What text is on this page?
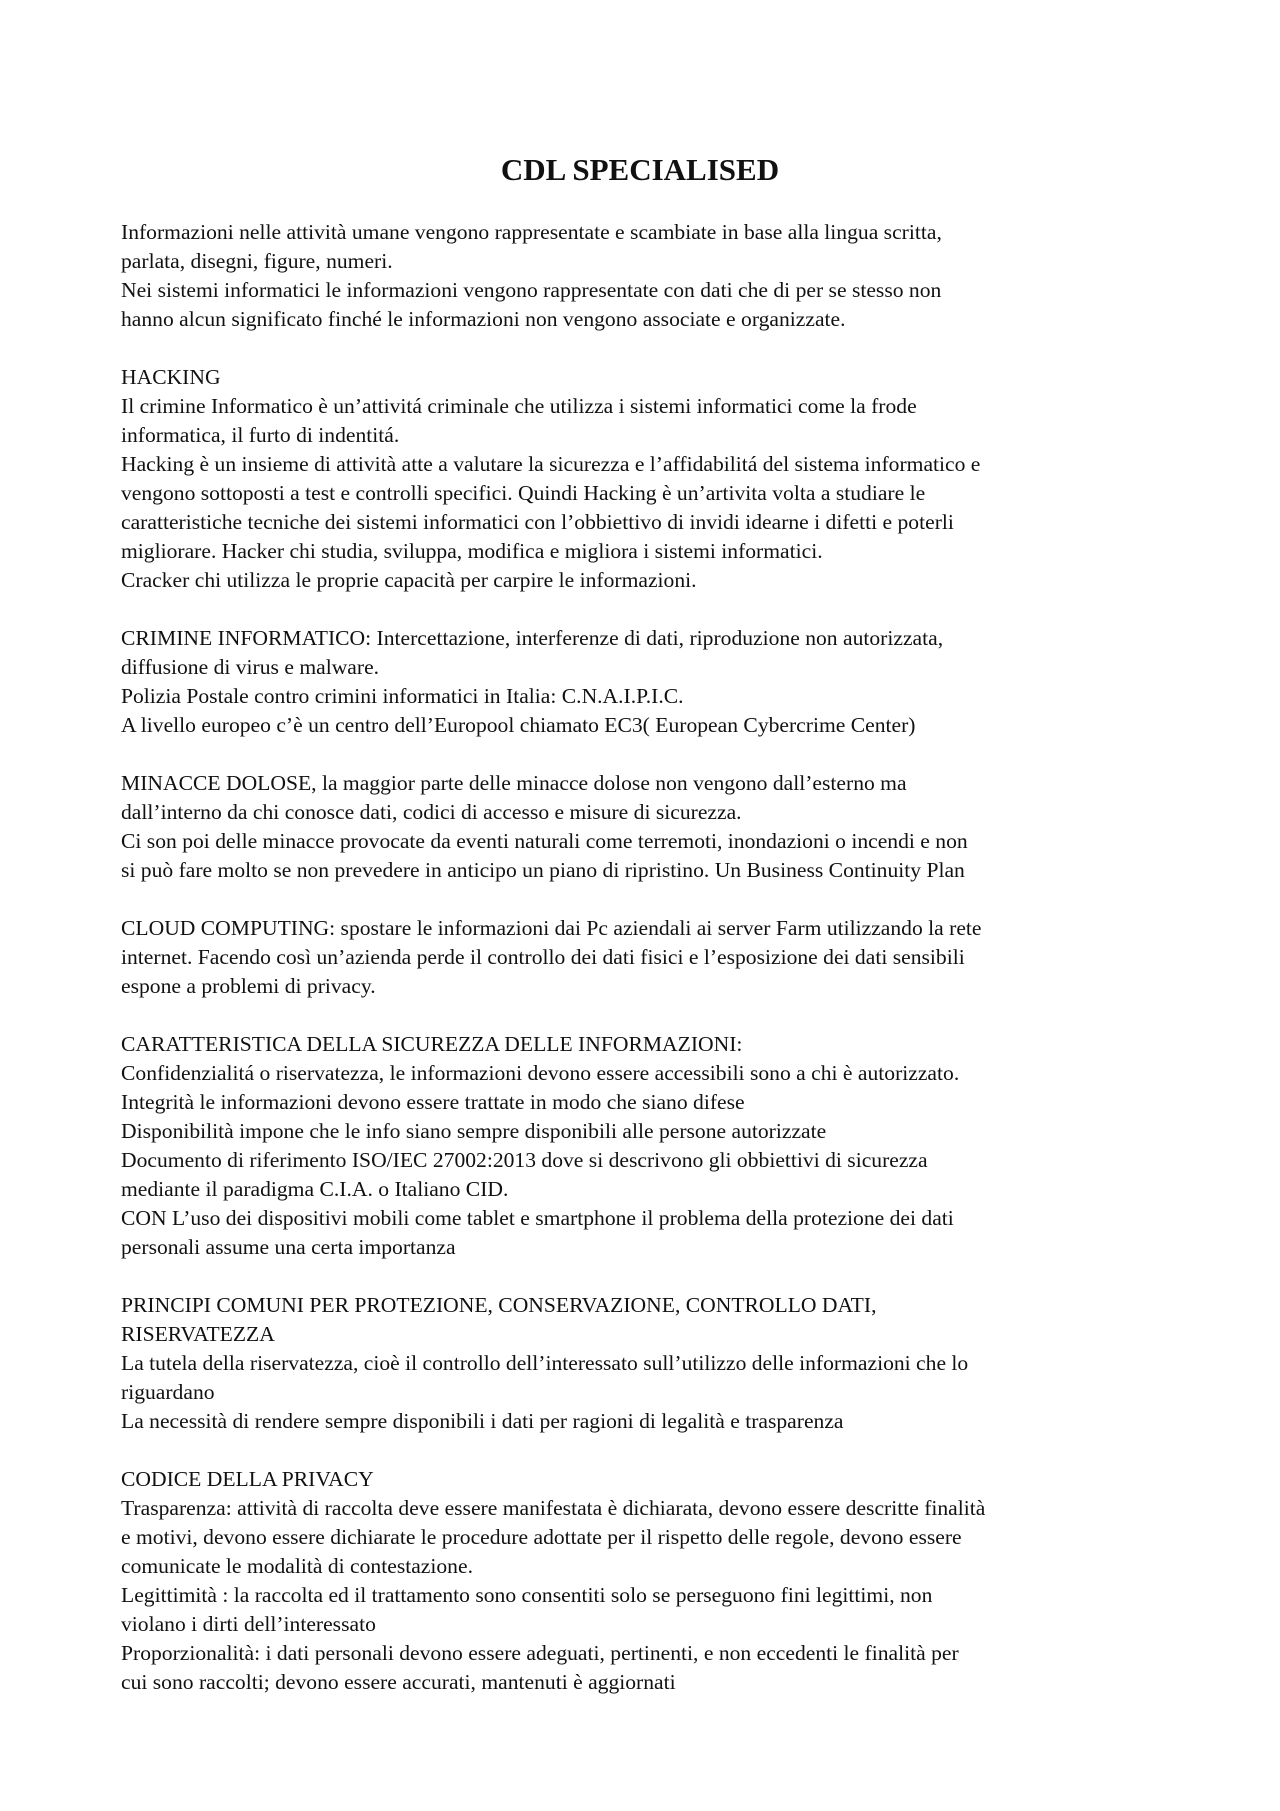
CDL SPECIALISED
Informazioni nelle attività umane vengono rappresentate e scambiate in base alla lingua scritta,
parlata, disegni, figure, numeri.
Nei sistemi informatici le informazioni vengono rappresentate con dati che di per se stesso non
hanno alcun significato finché le informazioni non vengono associate e organizzate.
HACKING
Il crimine Informatico è un’attivitá criminale che utilizza i sistemi informatici come la frode
informatica, il furto di indentitá.
Hacking è un insieme di attività atte a valutare la sicurezza e l’affidabilitá del sistema informatico e
vengono sottoposti a test e controlli specifici. Quindi Hacking è un’artivita volta a studiare le
caratteristiche tecniche dei sistemi informatici con l’obbiettivo di invidi idearne i difetti e poterli
migliorare. Hacker chi studia, sviluppa, modifica e migliora i sistemi informatici.
Cracker chi utilizza le proprie capacità per carpire le informazioni.
CRIMINE INFORMATICO: Intercettazione, interferenze di dati, riproduzione non autorizzata,
diffusione di virus e malware.
Polizia Postale contro crimini informatici in Italia: C.N.A.I.P.I.C.
A livello europeo c’è un centro dell’Europool chiamato EC3( European Cybercrime Center)
MINACCE DOLOSE, la maggior parte delle minacce dolose non vengono dall’esterno ma
dall’interno da chi conosce dati, codici di accesso e misure di sicurezza.
Ci son poi delle minacce provocate da eventi naturali come terremoti, inondazioni o incendi e non
si può fare molto se non prevedere in anticipo un piano di ripristino. Un Business Continuity Plan
CLOUD COMPUTING: spostare le informazioni dai Pc aziendali ai server Farm utilizzando la rete
internet. Facendo così un’azienda perde il controllo dei dati fisici e l’esposizione dei dati sensibili
espone a problemi di privacy.
CARATTERISTICA DELLA SICUREZZA DELLE INFORMAZIONI:
Confidenzialitá o riservatezza, le informazioni devono essere accessibili sono a chi è autorizzato.
Integrità le informazioni devono essere trattate in modo che siano difese
Disponibilità impone che le info siano sempre disponibili alle persone autorizzate
Documento di riferimento ISO/IEC 27002:2013 dove si descrivono gli obbiettivi di sicurezza
mediante il paradigma C.I.A. o Italiano CID.
CON L’uso dei dispositivi mobili come tablet e smartphone il problema della protezione dei dati
personali assume una certa importanza
PRINCIPI COMUNI PER PROTEZIONE, CONSERVAZIONE, CONTROLLO DATI,
RISERVATEZZA
La tutela della riservatezza, cioè il controllo dell’interessato sull’utilizzo delle informazioni che lo
riguardano
La necessità di rendere sempre disponibili i dati per ragioni di legalità e trasparenza
CODICE DELLA PRIVACY
Trasparenza: attività di raccolta deve essere manifestata è dichiarata, devono essere descritte finalità
e motivi, devono essere dichiarate le procedure adottate per il rispetto delle regole, devono essere
comunicate le modalità di contestazione.
Legittimità : la raccolta ed il trattamento sono consentiti solo se perseguono fini legittimi, non
violano i dirti dell’interessato
Proporzionalità: i dati personali devono essere adeguati, pertinenti, e non eccedenti le finalità per
cui sono raccolti; devono essere accurati, mantenuti è aggiornati
